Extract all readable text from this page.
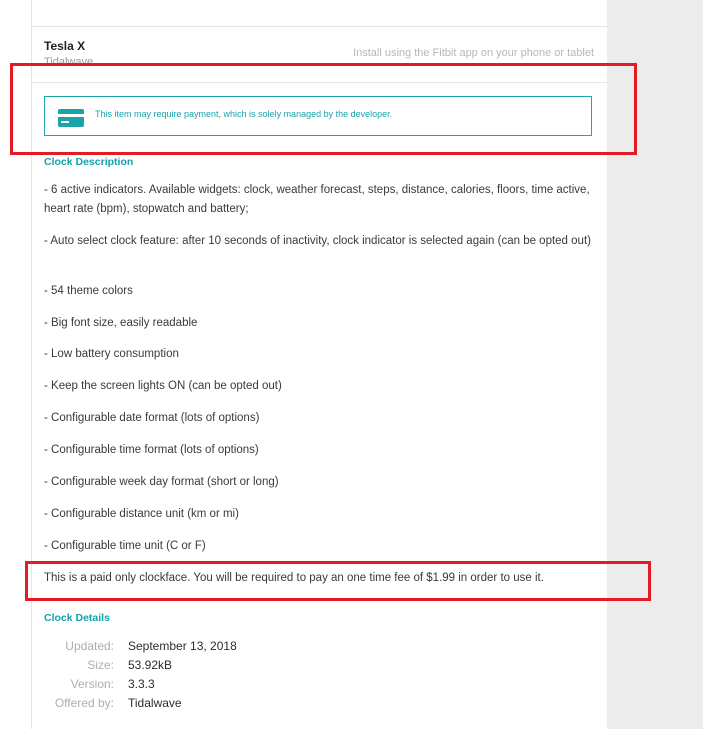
Tesla X
Tidalwave
Install using the Fitbit app on your phone or tablet
This item may require payment, which is solely managed by the developer.
Clock Description
- 6 active indicators. Available widgets: clock, weather forecast, steps, distance, calories, floors, time active, heart rate (bpm), stopwatch and battery;
- Auto select clock feature: after 10 seconds of inactivity, clock indicator is selected again (can be opted out)
- 54 theme colors
- Big font size, easily readable
- Low battery consumption
- Keep the screen lights ON (can be opted out)
- Configurable date format (lots of options)
- Configurable time format (lots of options)
- Configurable week day format (short or long)
- Configurable distance unit (km or mi)
- Configurable time unit (C or F)
This is a paid only clockface. You will be required to pay an one time fee of $1.99 in order to use it.
Clock Details
Updated: September 13, 2018
Size: 53.92kB
Version: 3.3.3
Offered by: Tidalwave
